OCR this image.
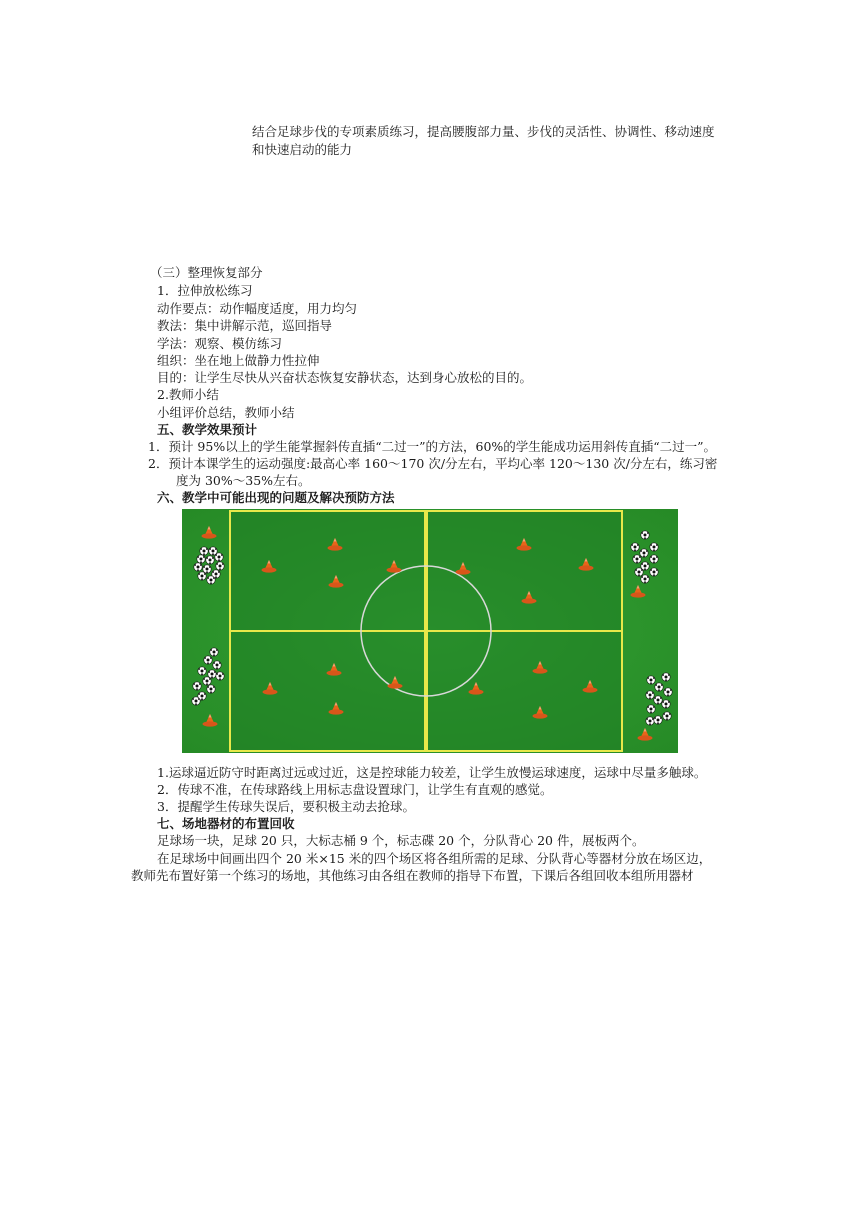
结合足球步伐的专项素质练习，提高腰腹部力量、步伐的灵活性、协调性、移动速度
和快速启动的能力
（三）整理恢复部分
1．拉伸放松练习
动作要点：动作幅度适度，用力均匀
教法：集中讲解示范，巡回指导
学法：观察、模仿练习
组织：坐在地上做静力性拉伸
目的：让学生尽快从兴奋状态恢复安静状态，达到身心放松的目的。
2.教师小结
小组评价总结，教师小结
五、教学效果预计
1．预计 95%以上的学生能掌握斜传直插“二过一”的方法，60%的学生能成功运用斜传直插“二过一”。
2．预计本课学生的运动强度:最高心率 160～170 次/分左右，平均心率 120～130 次/分左右，练习密
度为 30%～35%左右。
六、教学中可能出现的问题及解决预防方法
1.运球逼近防守时距离过远或过近，这是控球能力较差，让学生放慢运球速度，运球中尽量多触球。
2．传球不准，在传球路线上用标志盘设置球门，让学生有直观的感觉。
3．提醒学生传球失误后，要积极主动去抢球。
七、场地器材的布置回收
足球场一块，足球 20 只，大标志桶 9 个，标志碟 20 个，分队背心 20 件，展板两个。
在足球场中间画出四个 20 米×15 米的四个场区将各组所需的足球、分队背心等器材分放在场区边，
教师先布置好第一个练习的场地，其他练习由各组在教师的指导下布置，下课后各组回收本组所用器材
